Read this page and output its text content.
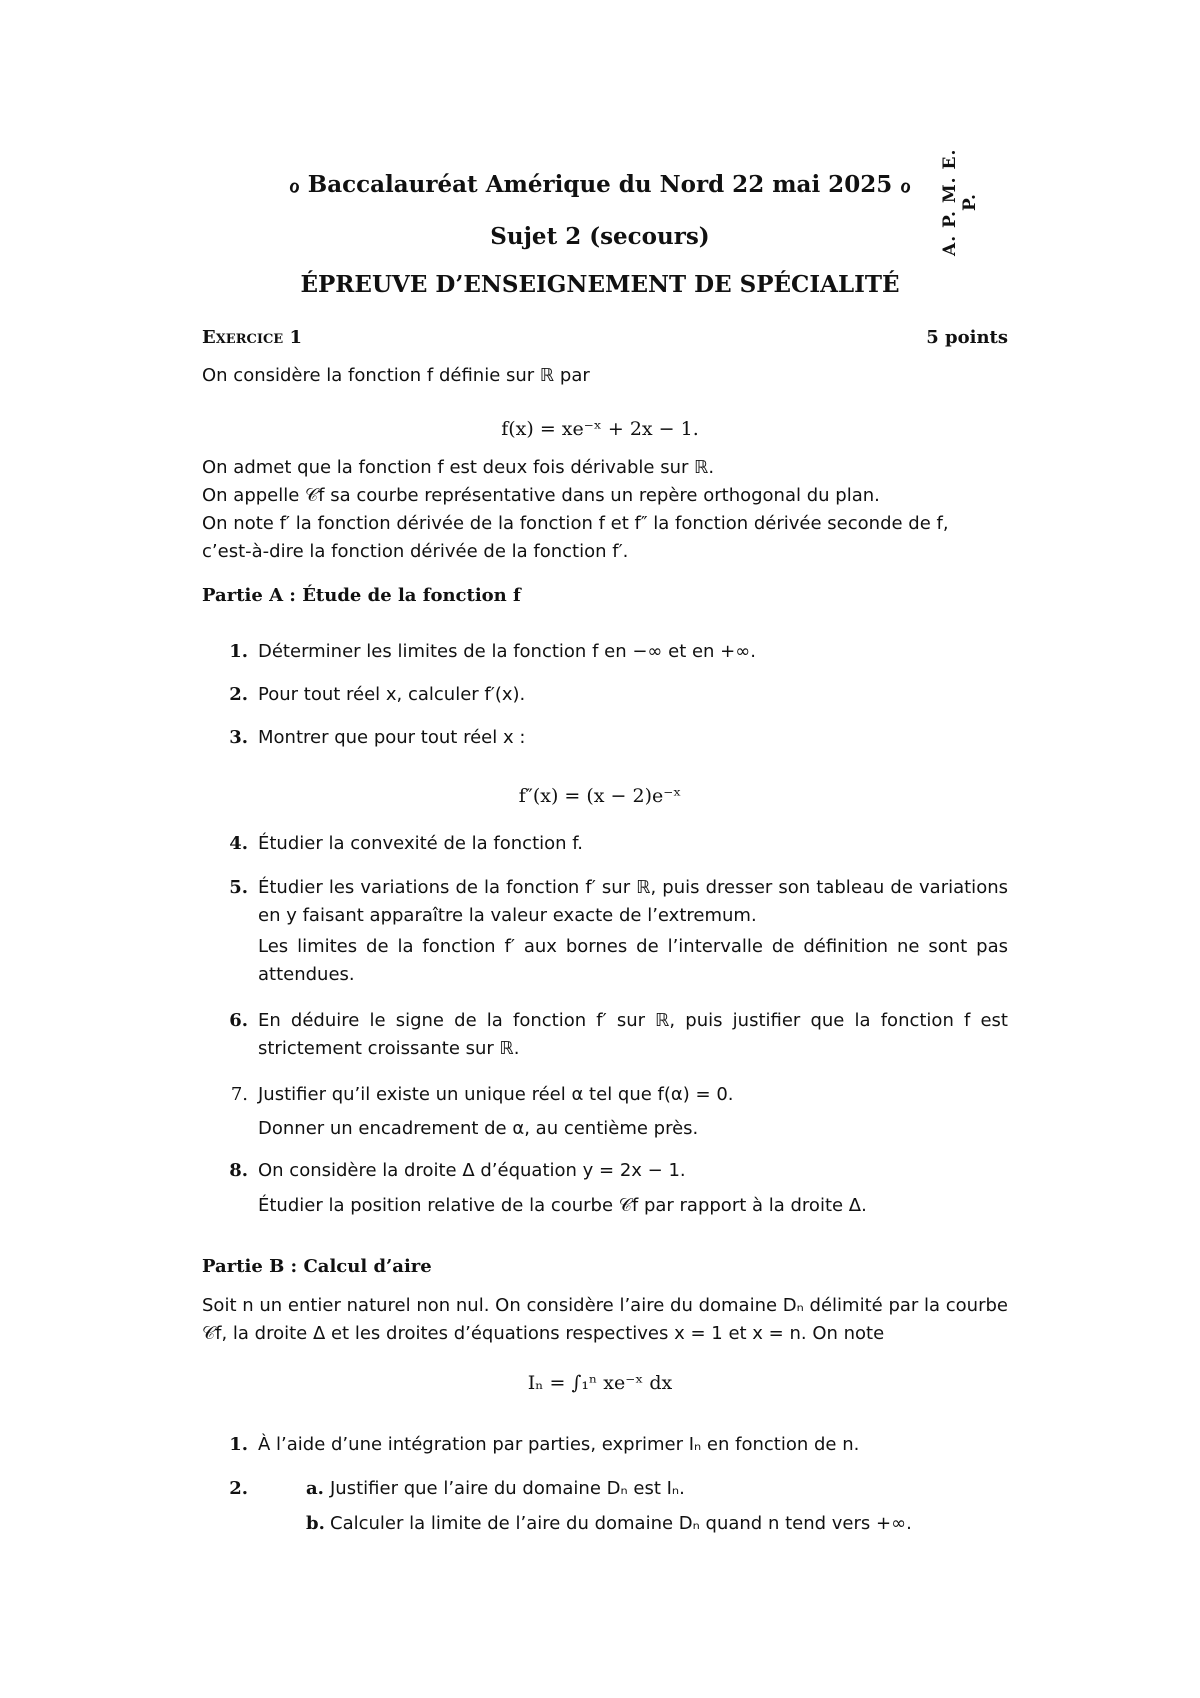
A. P. M. E. P.
ℴ Baccalauréat Amérique du Nord 22 mai 2025 ℴ
Sujet 2 (secours)
ÉPREUVE D’ENSEIGNEMENT DE SPÉCIALITÉ
Exercice 1	5 points
On considère la fonction f définie sur ℝ par
f(x) = xe⁻ˣ + 2x − 1.
On admet que la fonction f est deux fois dérivable sur ℝ.
On appelle 𝒞f sa courbe représentative dans un repère orthogonal du plan.
On note f′ la fonction dérivée de la fonction f et f″ la fonction dérivée seconde de f,
c’est-à-dire la fonction dérivée de la fonction f′.
Partie A : Étude de la fonction f
1. Déterminer les limites de la fonction f en −∞ et en +∞.
2. Pour tout réel x, calculer f′(x).
3. Montrer que pour tout réel x :
f″(x) = (x − 2)e⁻ˣ
4. Étudier la convexité de la fonction f.
5. Étudier les variations de la fonction f′ sur ℝ, puis dresser son tableau de variations en y faisant apparaître la valeur exacte de l’extremum.
Les limites de la fonction f′ aux bornes de l’intervalle de définition ne sont pas attendues.
6. En déduire le signe de la fonction f′ sur ℝ, puis justifier que la fonction f est strictement croissante sur ℝ.
7. Justifier qu’il existe un unique réel α tel que f(α) = 0.
Donner un encadrement de α, au centième près.
8. On considère la droite Δ d’équation y = 2x − 1.
Étudier la position relative de la courbe 𝒞f par rapport à la droite Δ.
Partie B : Calcul d’aire
Soit n un entier naturel non nul. On considère l’aire du domaine Dₙ délimité par la courbe 𝒞f, la droite Δ et les droites d’équations respectives x = 1 et x = n. On note
Iₙ = ∫₁ⁿ xe⁻ˣ dx
1. À l’aide d’une intégration par parties, exprimer Iₙ en fonction de n.
2.	a. Justifier que l’aire du domaine Dₙ est Iₙ.
b. Calculer la limite de l’aire du domaine Dₙ quand n tend vers +∞.
